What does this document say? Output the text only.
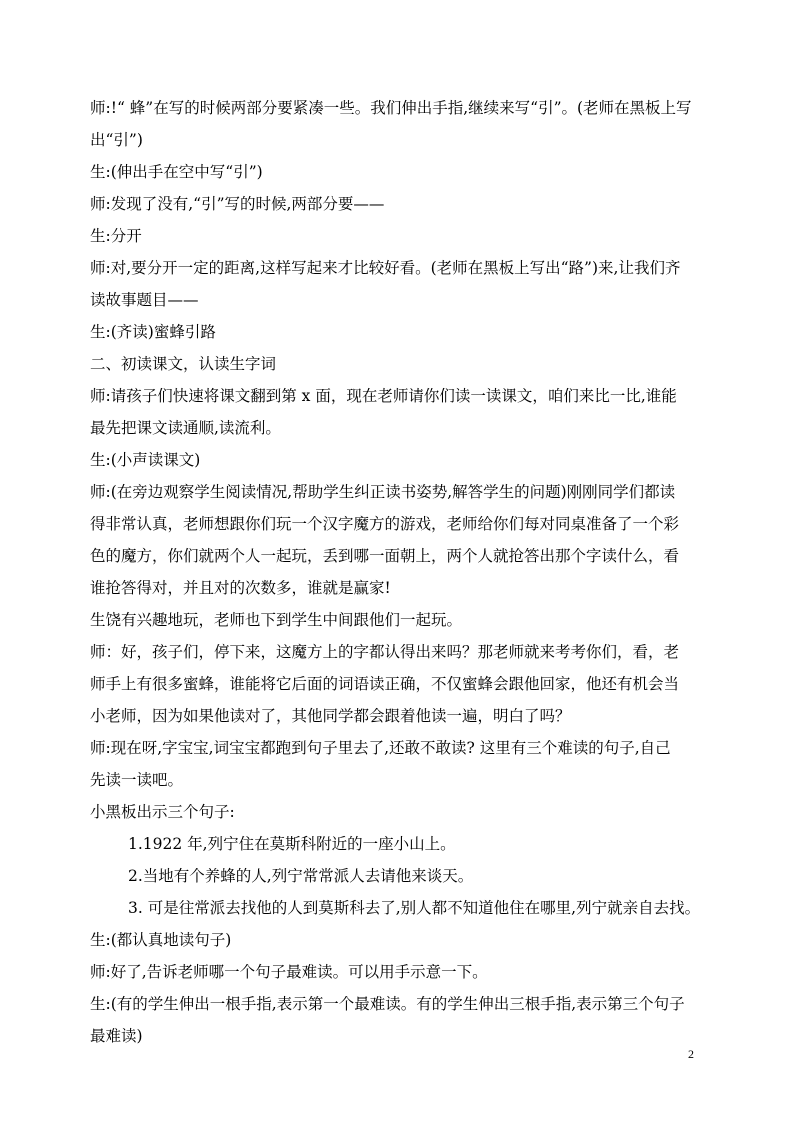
师:!“ 蜂”在写的时候两部分要紧凑一些。我们伸出手指,继续来写“引”。(老师在黑板上写
出“引”)
生:(伸出手在空中写“引”)
师:发现了没有,“引”写的时候,两部分要——
生:分开
师:对,要分开一定的距离,这样写起来才比较好看。(老师在黑板上写出“路”)来,让我们齐
读故事题目——
生:(齐读)蜜蜂引路
二、初读课文，认读生字词
师:请孩子们快速将课文翻到第 x 面，现在老师请你们读一读课文，咱们来比一比,谁能
最先把课文读通顺,读流利。
生:(小声读课文)
师:(在旁边观察学生阅读情况,帮助学生纠正读书姿势,解答学生的问题)刚刚同学们都读
得非常认真，老师想跟你们玩一个汉字魔方的游戏，老师给你们每对同桌准备了一个彩
色的魔方，你们就两个人一起玩，丢到哪一面朝上，两个人就抢答出那个字读什么，看
谁抢答得对，并且对的次数多，谁就是赢家!
生饶有兴趣地玩，老师也下到学生中间跟他们一起玩。
师：好，孩子们，停下来，这魔方上的字都认得出来吗？那老师就来考考你们，看，老
师手上有很多蜜蜂，谁能将它后面的词语读正确，不仅蜜蜂会跟他回家，他还有机会当
小老师，因为如果他读对了，其他同学都会跟着他读一遍，明白了吗？
师:现在呀,字宝宝,词宝宝都跑到句子里去了,还敢不敢读? 这里有三个难读的句子,自己
先读一读吧。
小黑板出示三个句子:
1.1922 年,列宁住在莫斯科附近的一座小山上。
2.当地有个养蜂的人,列宁常常派人去请他来谈天。
3. 可是往常派去找他的人到莫斯科去了,别人都不知道他住在哪里,列宁就亲自去找。
生:(都认真地读句子)
师:好了,告诉老师哪一个句子最难读。可以用手示意一下。
生:(有的学生伸出一根手指,表示第一个最难读。有的学生伸出三根手指,表示第三个句子
最难读)
2
